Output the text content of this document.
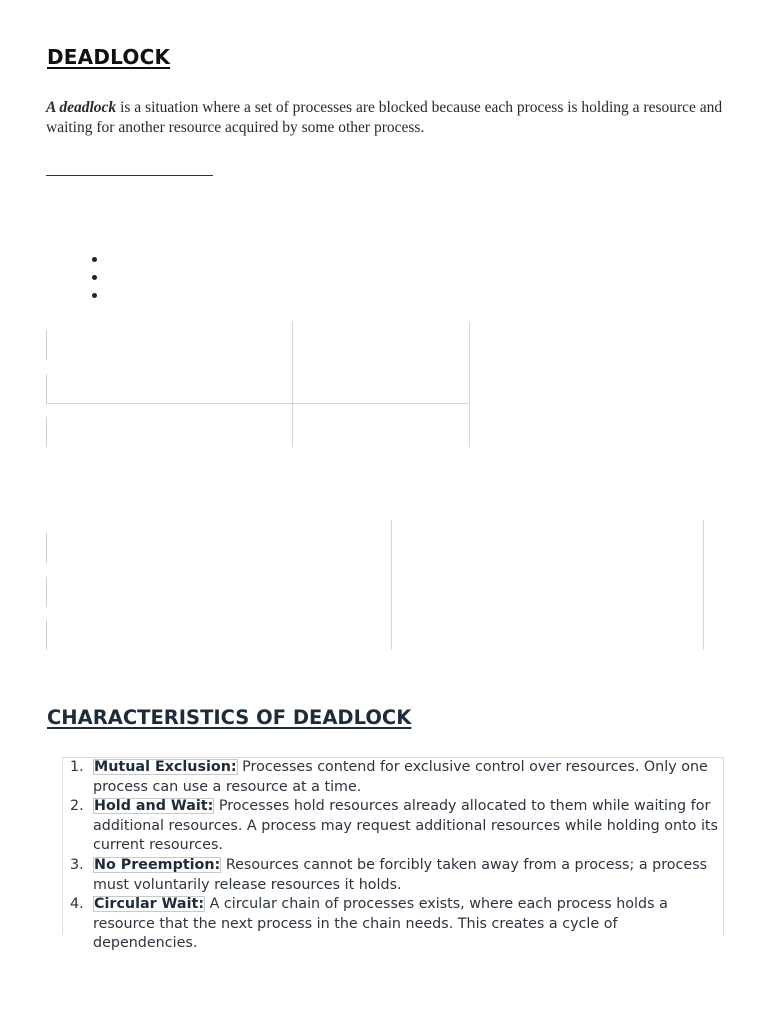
DEADLOCK

A deadlock is a situation where a set of processes are blocked because each process is holding a resource and waiting for another resource acquired by some other process.

CHARACTERISTICS OF DEADLOCK
1. Mutual Exclusion: Processes contend for exclusive control over resources. Only one process can use a resource at a time.
2. Hold and Wait: Processes hold resources already allocated to them while waiting for additional resources. A process may request additional resources while holding onto its current resources.
3. No Preemption: Resources cannot be forcibly taken away from a process; a process must voluntarily release resources it holds.
4. Circular Wait: A circular chain of processes exists, where each process holds a resource that the next process in the chain needs. This creates a cycle of dependencies.
